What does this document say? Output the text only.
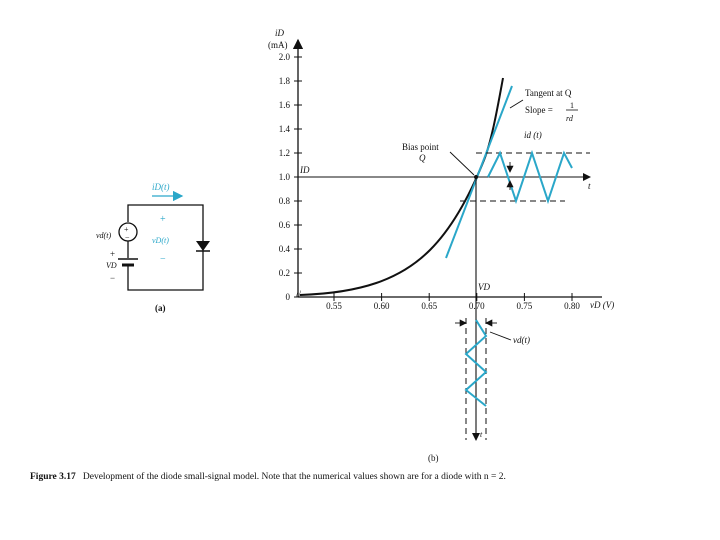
+
−
iD(t)
+
vD(t)
−
vd(t)
+
VD
−
(a)
//
iD
(mA)
2.0
1.8
1.6
1.4
1.2
1.0
0.8
0.6
0.4
0.2
0
0.55	0.60	0.65	0.70	0.75	0.80 vD (V)
ID
VD
Bias point
Q
Tangent at Q
Slope = 1
rd
t
id (t)
vd(t)
t
(b)
Figure 3.17 Development of the diode small-signal model. Note that the numerical values shown are for a diode with n = 2.
